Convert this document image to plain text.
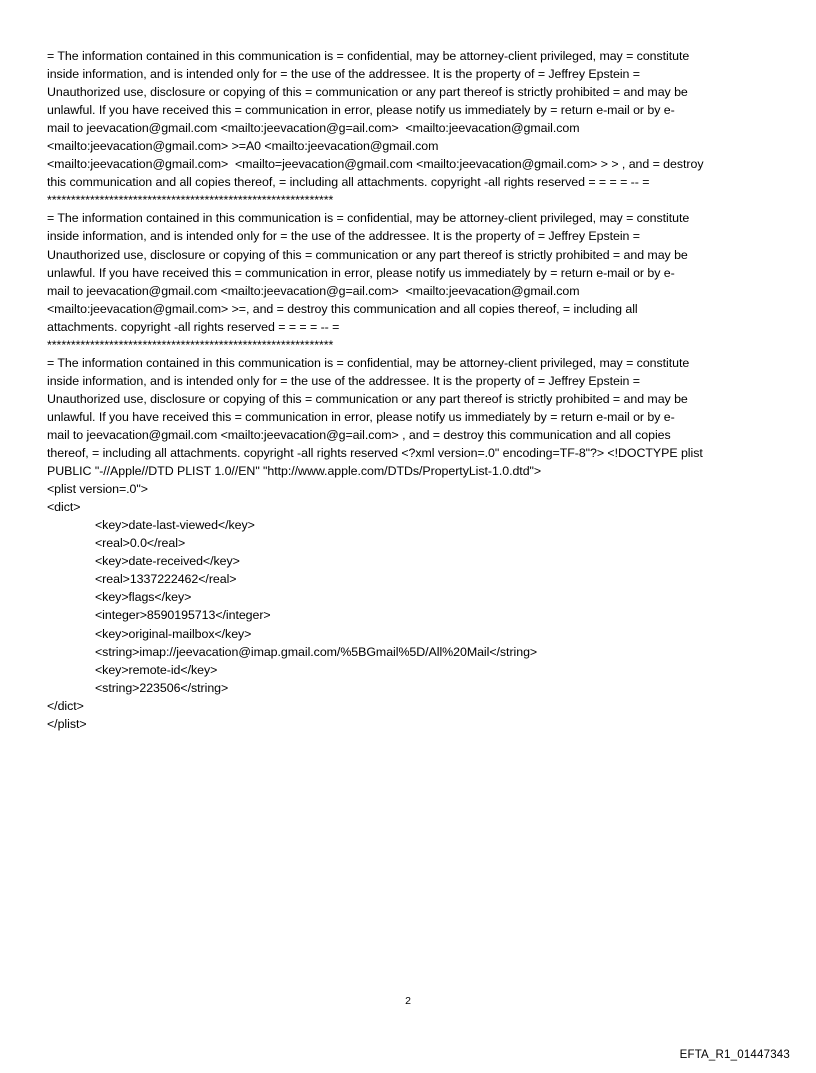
= The information contained in this communication is = confidential, may be attorney-client privileged, may = constitute
inside information, and is intended only for = the use of the addressee. It is the property of = Jeffrey Epstein =
Unauthorized use, disclosure or copying of this = communication or any part thereof is strictly prohibited = and may be
unlawful. If you have received this = communication in error, please notify us immediately by = return e-mail or by e-
mail to jeevacation@gmail.com <mailto:jeevacation@g=ail.com>  <mailto:jeevacation@gmail.com
<mailto:jeevacation@gmail.com> >=A0 <mailto:jeevacation@gmail.com
<mailto:jeevacation@gmail.com>  <mailto=jeevacation@gmail.com <mailto:jeevacation@gmail.com> > > , and = destroy
this communication and all copies thereof, = including all attachments. copyright -all rights reserved = = = = -- =
************************************************************
= The information contained in this communication is = confidential, may be attorney-client privileged, may = constitute
inside information, and is intended only for = the use of the addressee. It is the property of = Jeffrey Epstein =
Unauthorized use, disclosure or copying of this = communication or any part thereof is strictly prohibited = and may be
unlawful. If you have received this = communication in error, please notify us immediately by = return e-mail or by e-
mail to jeevacation@gmail.com <mailto:jeevacation@g=ail.com>  <mailto:jeevacation@gmail.com
<mailto:jeevacation@gmail.com> >=, and = destroy this communication and all copies thereof, = including all
attachments. copyright -all rights reserved = = = = -- =
************************************************************
= The information contained in this communication is = confidential, may be attorney-client privileged, may = constitute
inside information, and is intended only for = the use of the addressee. It is the property of = Jeffrey Epstein =
Unauthorized use, disclosure or copying of this = communication or any part thereof is strictly prohibited = and may be
unlawful. If you have received this = communication in error, please notify us immediately by = return e-mail or by e-
mail to jeevacation@gmail.com <mailto:jeevacation@g=ail.com> , and = destroy this communication and all copies
thereof, = including all attachments. copyright -all rights reserved <?xml version=.0" encoding=TF-8"?> <!DOCTYPE plist
PUBLIC "-//Apple//DTD PLIST 1.0//EN" "http://www.apple.com/DTDs/PropertyList-1.0.dtd">
<plist version=.0">
<dict>
<key>date-last-viewed</key>
<real>0.0</real>
<key>date-received</key>
<real>1337222462</real>
<key>flags</key>
<integer>8590195713</integer>
<key>original-mailbox</key>
<string>imap://jeevacation@imap.gmail.com/%5BGmail%5D/All%20Mail</string>
<key>remote-id</key>
<string>223506</string>
</dict>
</plist>
2
EFTA_R1_01447343
